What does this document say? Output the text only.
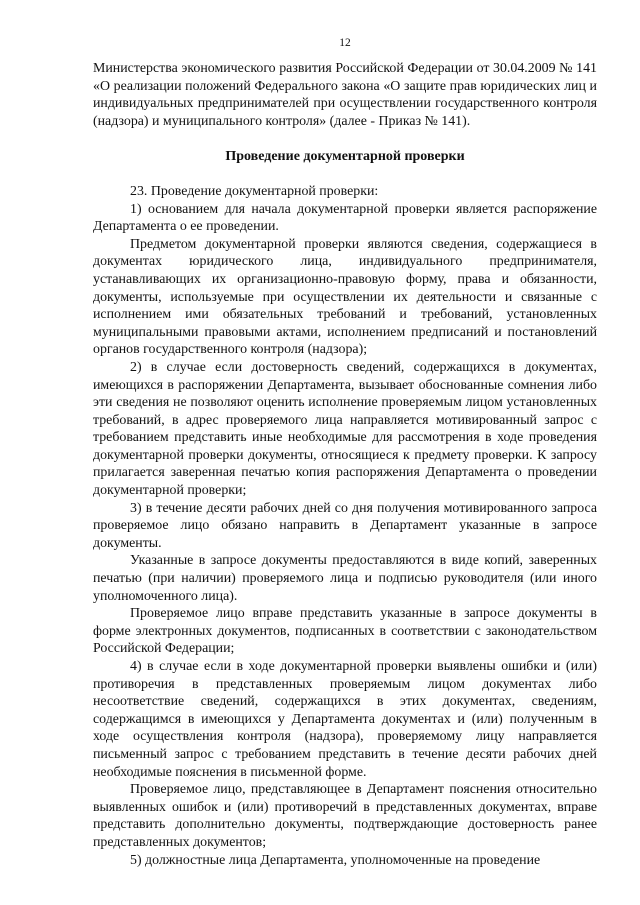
12

Министерства экономического развития Российской Федерации от 30.04.2009 № 141 «О реализации положений Федерального закона «О защите прав юридических лиц и индивидуальных предпринимателей при осуществлении государственного контроля (надзора) и муниципального контроля» (далее - Приказ № 141).

Проведение документарной проверки

23. Проведение документарной проверки:

1) основанием для начала документарной проверки является распоряжение Департамента о ее проведении.

Предметом документарной проверки являются сведения, содержащиеся в документах юридического лица, индивидуального предпринимателя, устанавливающих их организационно-правовую форму, права и обязанности, документы, используемые при осуществлении их деятельности и связанные с исполнением ими обязательных требований и требований, установленных муниципальными правовыми актами, исполнением предписаний и постановлений органов государственного контроля (надзора);

2) в случае если достоверность сведений, содержащихся в документах, имеющихся в распоряжении Департамента, вызывает обоснованные сомнения либо эти сведения не позволяют оценить исполнение проверяемым лицом установленных требований, в адрес проверяемого лица направляется мотивированный запрос с требованием представить иные необходимые для рассмотрения в ходе проведения документарной проверки документы, относящиеся к предмету проверки. К запросу прилагается заверенная печатью копия распоряжения Департамента о проведении документарной проверки;

3) в течение десяти рабочих дней со дня получения мотивированного запроса проверяемое лицо обязано направить в Департамент указанные в запросе документы.

Указанные в запросе документы предоставляются в виде копий, заверенных печатью (при наличии) проверяемого лица и подписью руководителя (или иного уполномоченного лица).

Проверяемое лицо вправе представить указанные в запросе документы в форме электронных документов, подписанных в соответствии с законодательством Российской Федерации;

4) в случае если в ходе документарной проверки выявлены ошибки и (или) противоречия в представленных проверяемым лицом документах либо несоответствие сведений, содержащихся в этих документах, сведениям, содержащимся в имеющихся у Департамента документах и (или) полученным в ходе осуществления контроля (надзора), проверяемому лицу направляется письменный запрос с требованием представить в течение десяти рабочих дней необходимые пояснения в письменной форме.

Проверяемое лицо, представляющее в Департамент пояснения относительно выявленных ошибок и (или) противоречий в представленных документах, вправе представить дополнительно документы, подтверждающие достоверность ранее представленных документов;

5) должностные лица Департамента, уполномоченные на проведение
